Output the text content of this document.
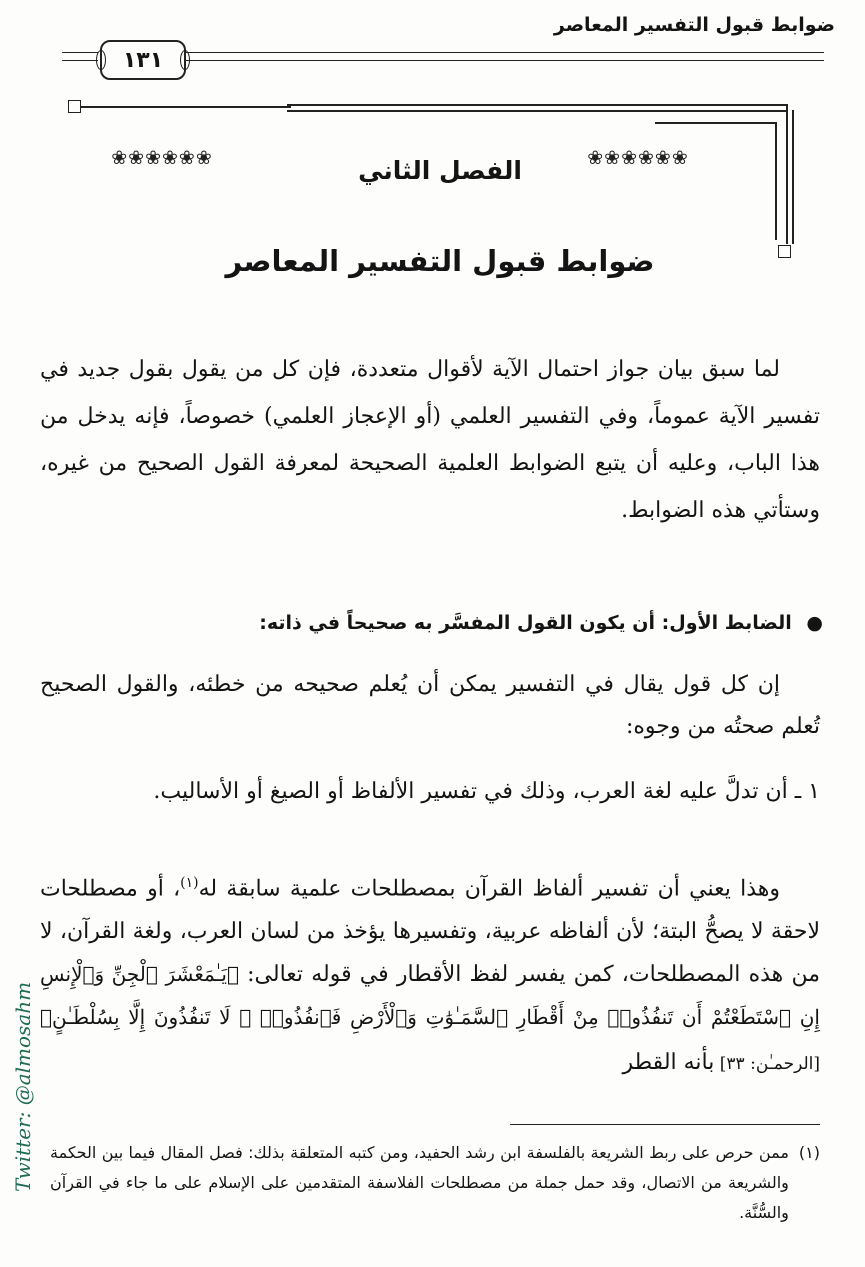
ضوابط قبول التفسير المعاصر
١٣١
❀❀❀❀❀❀	❀❀❀❀❀❀
الفصل الثاني
ضوابط قبول التفسير المعاصر
لما سبق بيان جواز احتمال الآية لأقوال متعددة، فإن كل من يقول بقول جديد في تفسير الآية عموماً، وفي التفسير العلمي (أو الإعجاز العلمي) خصوصاً، فإنه يدخل من هذا الباب، وعليه أن يتبع الضوابط العلمية الصحيحة لمعرفة القول الصحيح من غيره، وستأتي هذه الضوابط.
● الضابط الأول: أن يكون القول المفسَّر به صحيحاً في ذاته:
إن كل قول يقال في التفسير يمكن أن يُعلم صحيحه من خطئه، والقول الصحيح تُعلم صحتُه من وجوه:
١ ـ أن تدلَّ عليه لغة العرب، وذلك في تفسير الألفاظ أو الصيغ أو الأساليب.
وهذا يعني أن تفسير ألفاظ القرآن بمصطلحات علمية سابقة له$^{(١)}$، أو مصطلحات لاحقة لا يصحُّ البتة؛ لأن ألفاظه عربية، وتفسيرها يؤخذ من لسان العرب، ولغة القرآن، لا من هذه المصطلحات، كمن يفسر لفظ الأقطار في قوله تعالى: ﴿يَـٰمَعْشَرَ ٱلْجِنِّ وَٱلْإِنسِ إِنِ ٱسْتَطَعْتُمْ أَن تَنفُذُوا۟ مِنْ أَقْطَارِ ٱلسَّمَـٰوَٰتِ وَٱلْأَرْضِ فَٱنفُذُوا۟ ۚ لَا تَنفُذُونَ إِلَّا بِسُلْطَـٰنٍ﴾ [الرحمـٰن: ٣٣] بأنه القطر
(١)
ممن حرص على ربط الشريعة بالفلسفة ابن رشد الحفيد، ومن كتبه المتعلقة بذلك: فصل المقال فيما بين الحكمة والشريعة من الاتصال، وقد حمل جملة من مصطلحات الفلاسفة المتقدمين على الإسلام على ما جاء في القرآن والسُّنَّة.
Twitter: @almosahm
